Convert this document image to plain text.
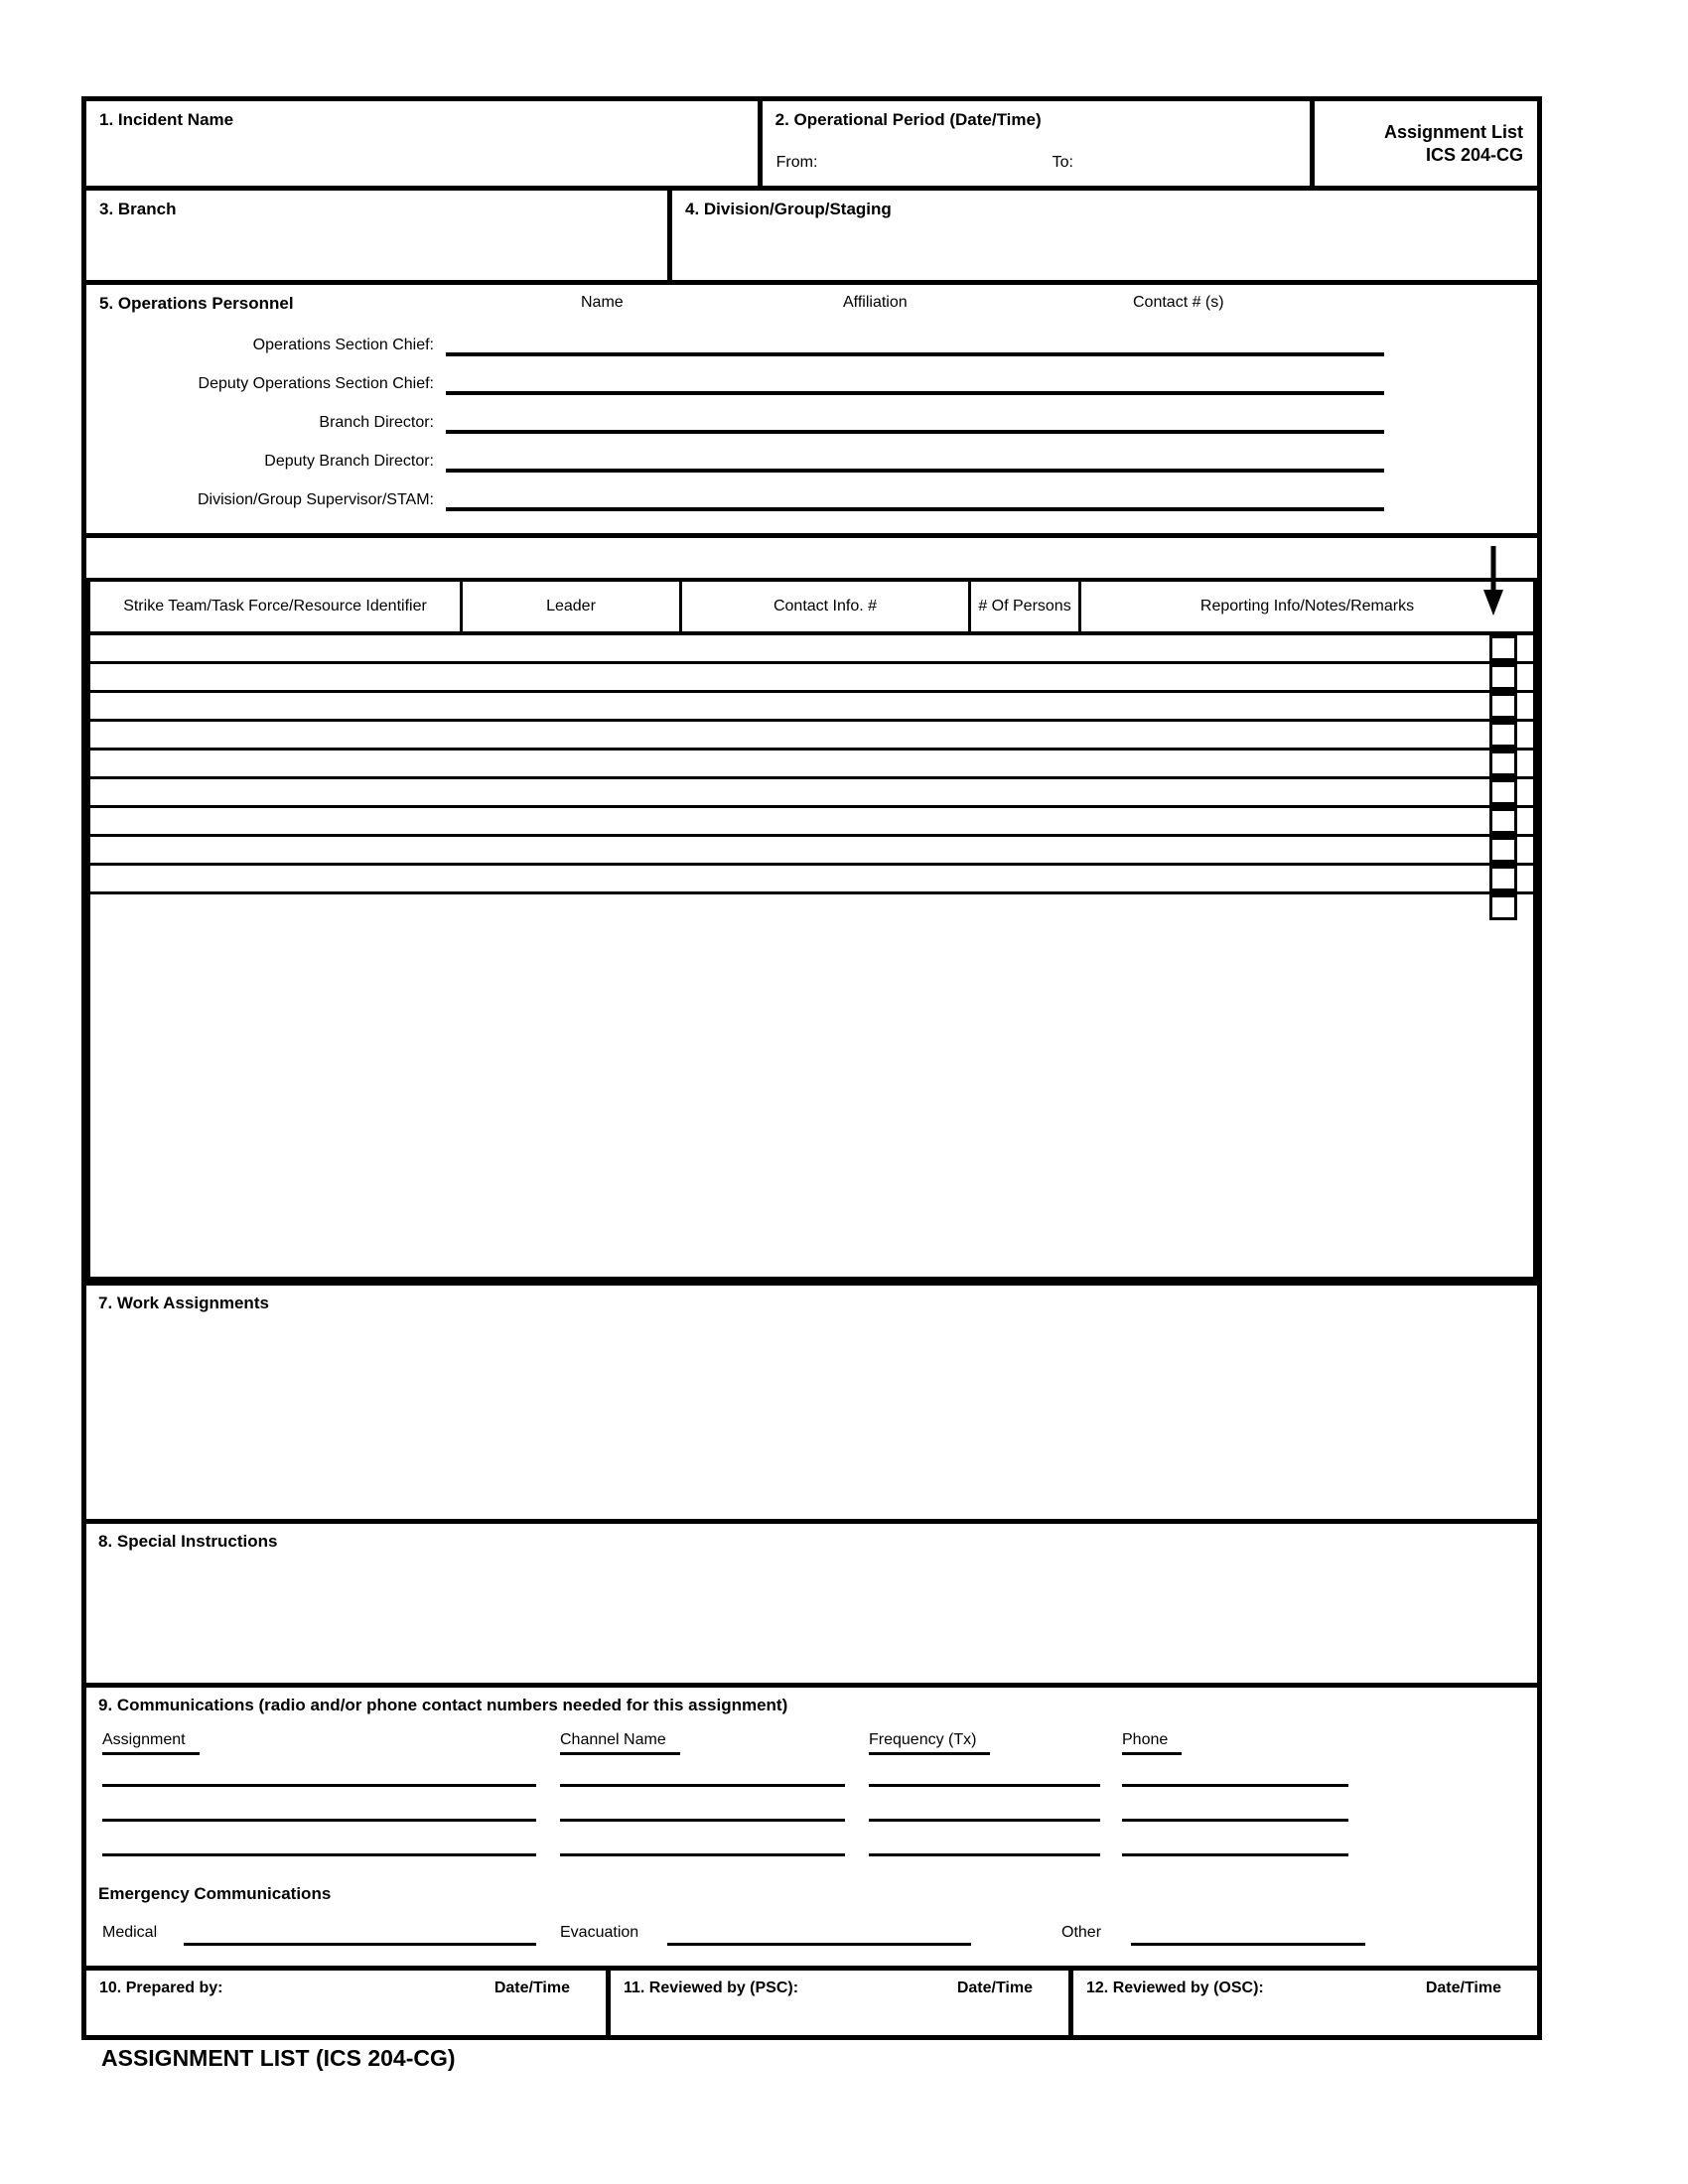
1. Incident Name	2. Operational Period (Date/Time)
From:	To:
Assignment List
ICS 204-CG
3. Branch	4. Division/Group/Staging
5. Operations Personnel	Name	Affiliation	Contact # (s)
Operations Section Chief:
Deputy Operations Section Chief:
Branch Director:
Deputy Branch Director:
Division/Group Supervisor/STAM:
Strike Team/Task Force/Resource Identifier	Leader	Contact Info. #	# Of Persons	Reporting Info/Notes/Remarks
7. Work Assignments
8. Special Instructions
9. Communications (radio and/or phone contact numbers needed for this assignment)
Assignment	Channel Name	Frequency (Tx)	Phone
Emergency Communications
Medical	Evacuation	Other
10. Prepared by:	Date/Time	11. Reviewed by (PSC):	Date/Time	12. Reviewed by (OSC):	Date/Time
ASSIGNMENT LIST (ICS 204-CG)
